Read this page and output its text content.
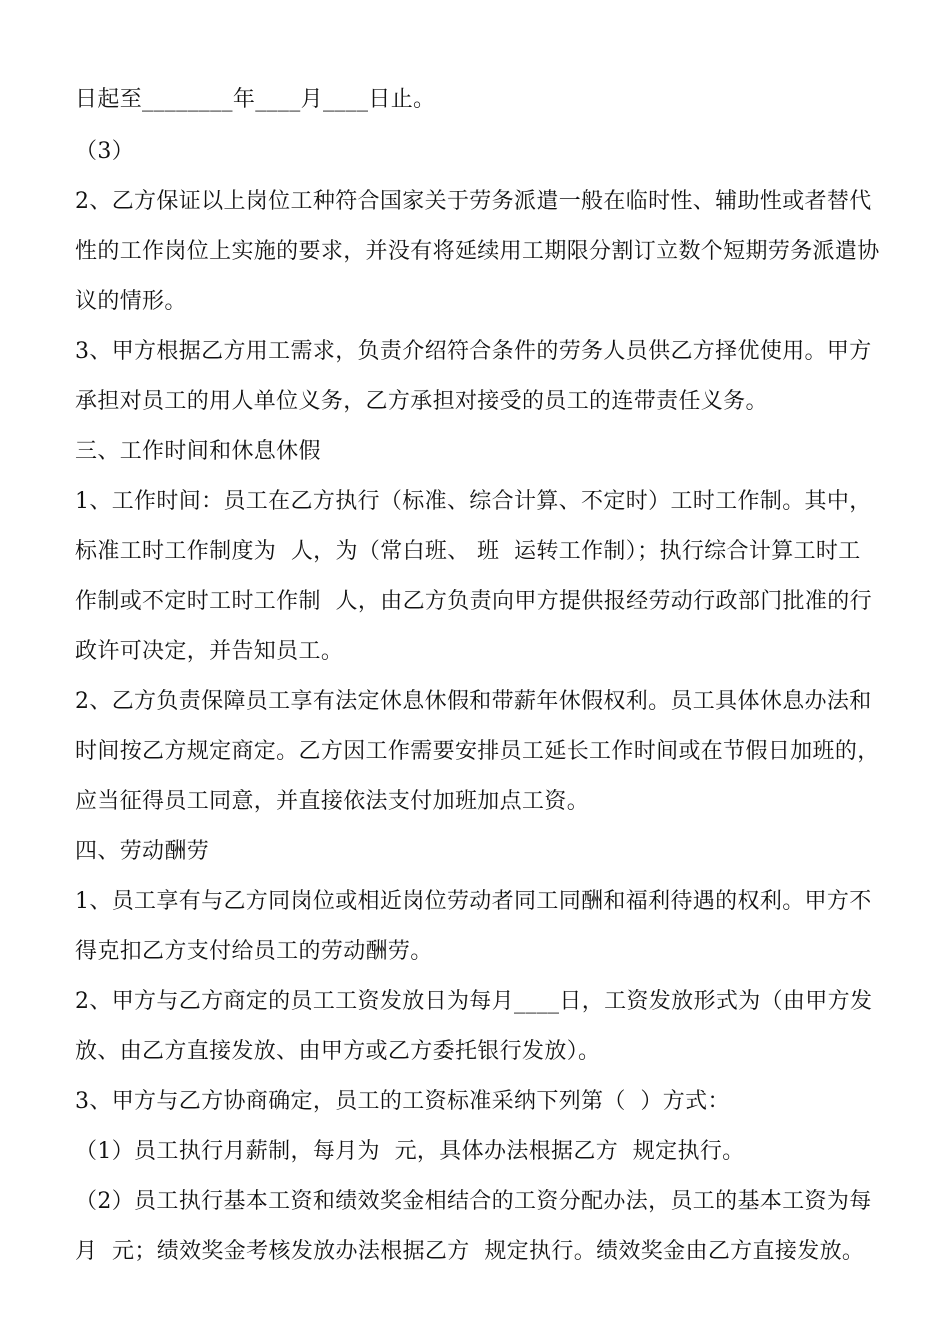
日起至________年____月____日止。
（3）
2、乙方保证以上岗位工种符合国家关于劳务派遣一般在临时性、辅助性或者替代
性的工作岗位上实施的要求，并没有将延续用工期限分割订立数个短期劳务派遣协
议的情形。
3、甲方根据乙方用工需求，负责介绍符合条件的劳务人员供乙方择优使用。甲方
承担对员工的用人单位义务，乙方承担对接受的员工的连带责任义务。
三、工作时间和休息休假
1、工作时间：员工在乙方执行（标准、综合计算、不定时）工时工作制。其中，
标准工时工作制度为  人，为（常白班、 班  运转工作制）；执行综合计算工时工
作制或不定时工时工作制  人，由乙方负责向甲方提供报经劳动行政部门批准的行
政许可决定，并告知员工。
2、乙方负责保障员工享有法定休息休假和带薪年休假权利。员工具体休息办法和
时间按乙方规定商定。乙方因工作需要安排员工延长工作时间或在节假日加班的，
应当征得员工同意，并直接依法支付加班加点工资。
四、劳动酬劳
1、员工享有与乙方同岗位或相近岗位劳动者同工同酬和福利待遇的权利。甲方不
得克扣乙方支付给员工的劳动酬劳。
2、甲方与乙方商定的员工工资发放日为每月____日，工资发放形式为（由甲方发
放、由乙方直接发放、由甲方或乙方委托银行发放）。
3、甲方与乙方协商确定，员工的工资标准采纳下列第（  ）方式：
（1）员工执行月薪制，每月为  元，具体办法根据乙方  规定执行。
（2）员工执行基本工资和绩效奖金相结合的工资分配办法，员工的基本工资为每
月  元；绩效奖金考核发放办法根据乙方  规定执行。绩效奖金由乙方直接发放。
